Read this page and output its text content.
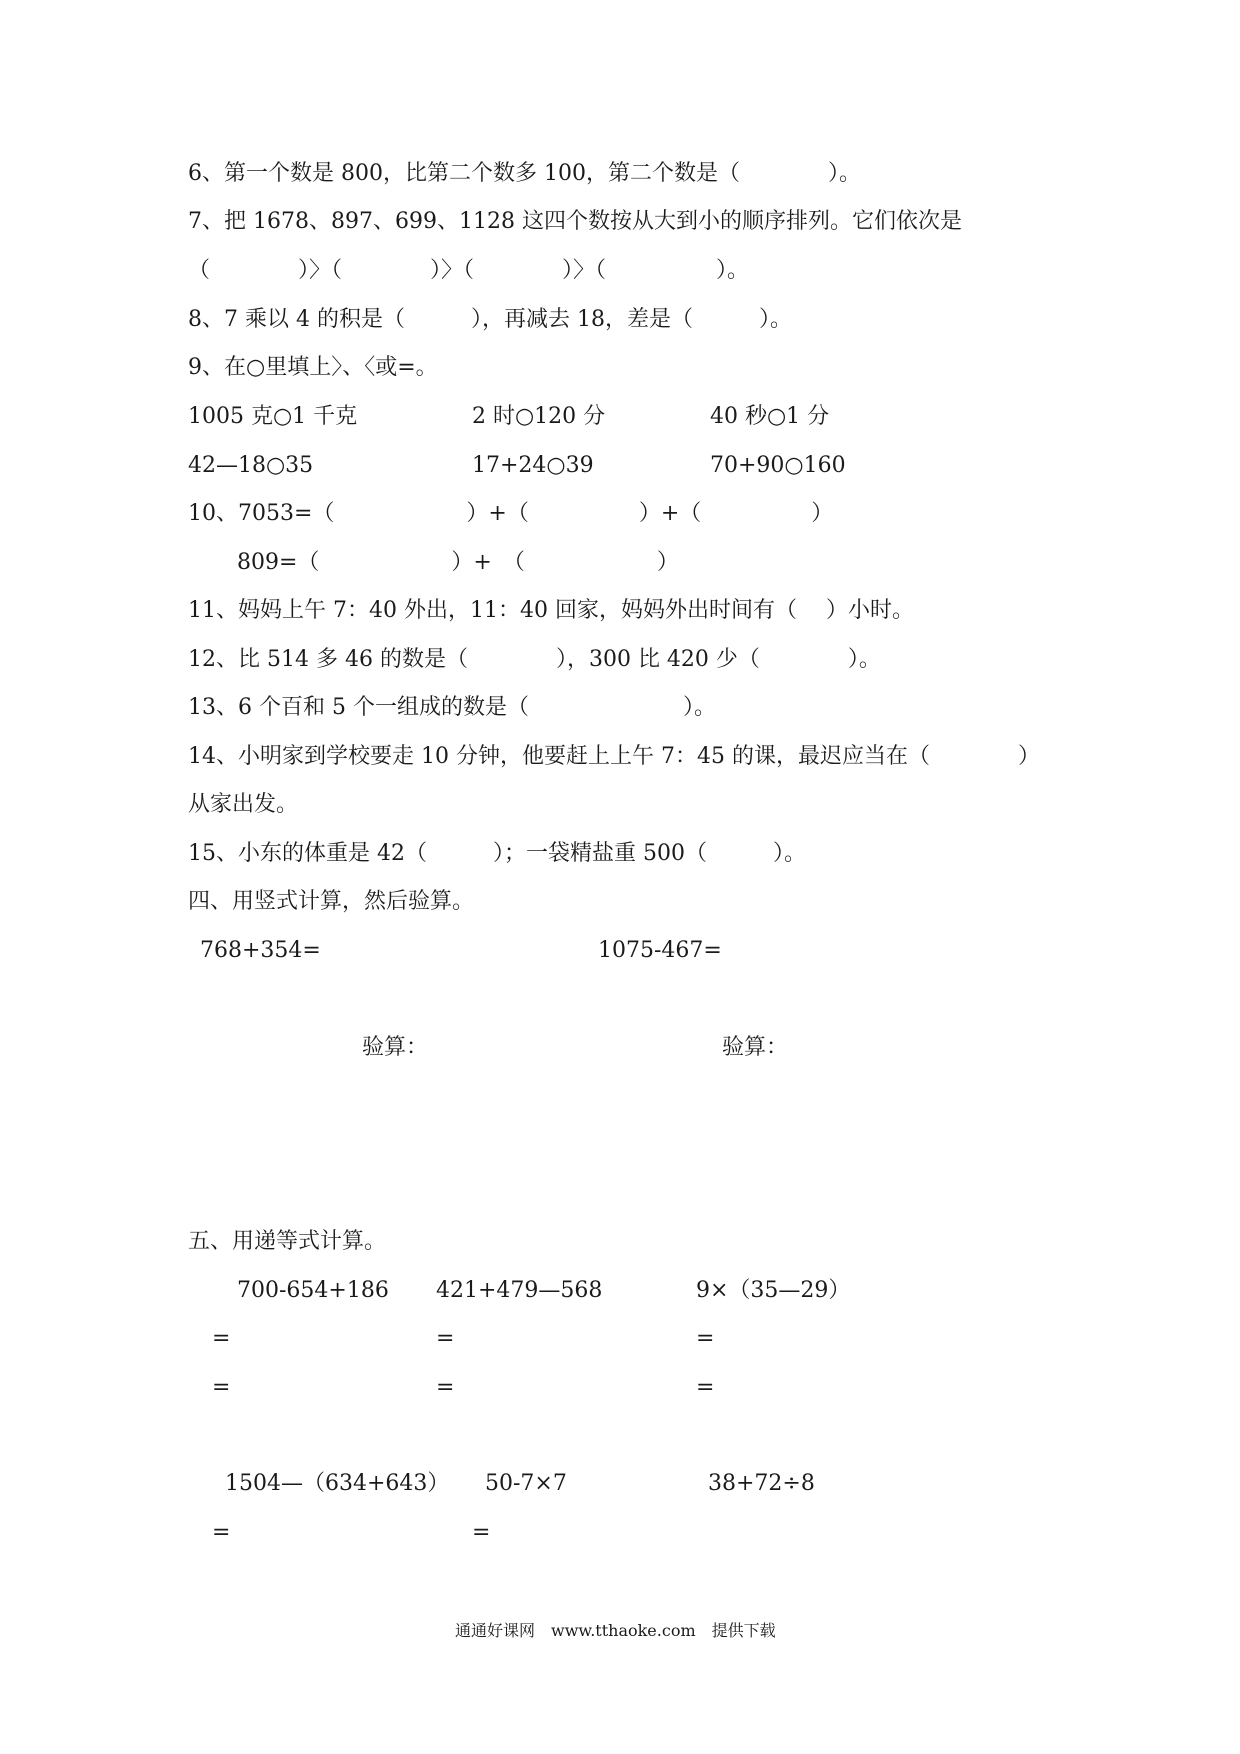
6、第一个数是 800，比第二个数多 100，第二个数是（　　　　）。
7、把 1678、897、699、1128 这四个数按从大到小的顺序排列。它们依次是
（　　　　）〉（　　　　）〉（　　　　）〉（　　　　　）。
8、7 乘以 4 的积是（　　　），再减去 18，差是（　　　）。
9、在○里填上〉、〈或=。
1005 克○1 千克	2 时○120 分	40 秒○1 分
42—18○35	17+24○39	70+90○160
10、7053=（　　　　　　）+（　　　　　）+（　　　　　）
809=（　　　　　　）+　（　　　　　　）
11、妈妈上午 7：40 外出，11：40 回家，妈妈外出时间有（　 ）小时。
12、比 514 多 46 的数是（　　　　），300 比 420 少（　　　　）。
13、6 个百和 5 个一组成的数是（　　　　　　　）。
14、小明家到学校要走 10 分钟，他要赶上上午 7：45 的课，最迟应当在（　　　　）
从家出发。
15、小东的体重是 42（　　　）；一袋精盐重 500（　　　）。
四、用竖式计算，然后验算。
768+354=	1075-467=
验算：	验算：
五、用递等式计算。
700-654+186 421+479—568	9×（35—29）
=	=	=
=	=	=
1504—（634+643） 50-7×7	38+72÷8
=	=
通通好课网　www.tthaoke.com　提供下载
